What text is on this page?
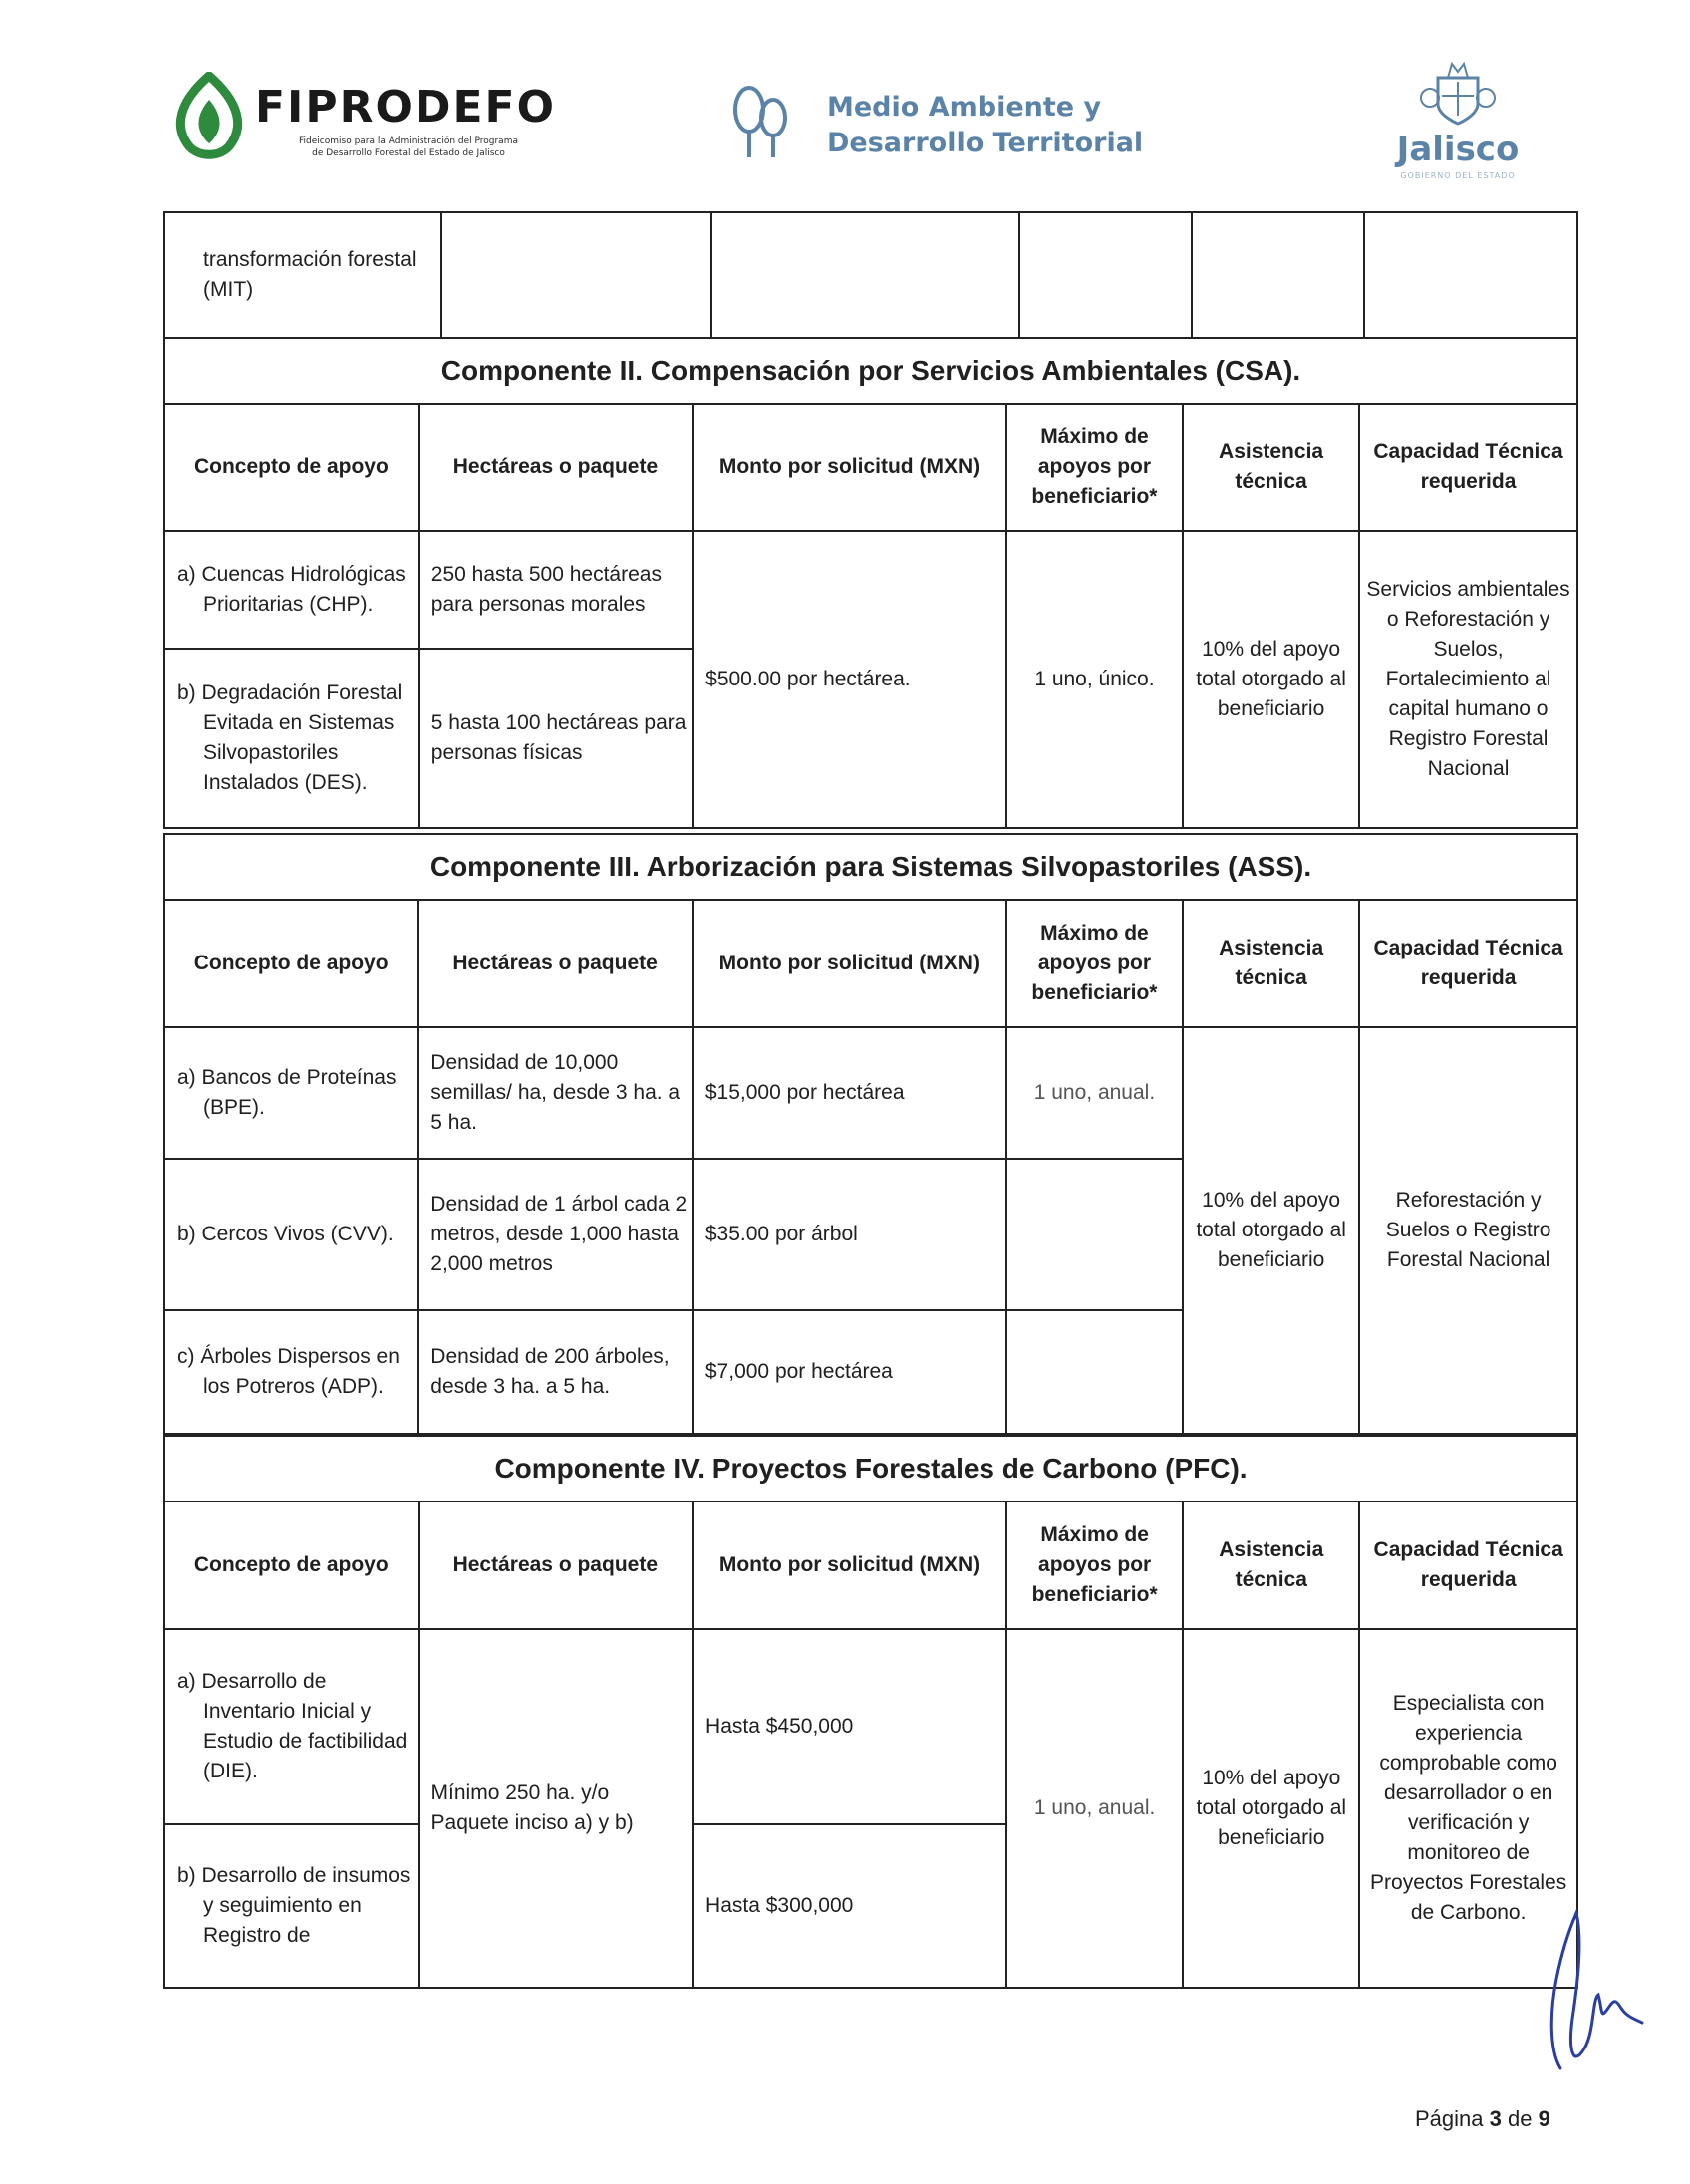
FIPRODEFO
Fideicomiso para la Administración del Programa
de Desarrollo Forestal del Estado de Jalisco
Medio Ambiente y
Desarrollo Territorial	Jalisco
GOBIERNO DEL ESTADO
transformación forestal (MIT)					
Componente II. Compensación por Servicios Ambientales (CSA).					
Concepto de apoyo	Hectáreas o paquete	Monto por solicitud (MXN)	Máximo de apoyos por beneficiario*	Asistencia técnica	Capacidad Técnica requerida

a) Cuencas Hidrológicas Prioritarias (CHP).	250 hasta 500 hectáreas para personas morales	$500.00 por hectárea.	1 uno, único.	10% del apoyo total otorgado al beneficiario	Servicios ambientales o Reforestación y Suelos, Fortalecimiento al capital humano o Registro Forestal Nacional

b) Degradación Forestal Evitada en Sistemas Silvopastoriles Instalados (DES).	5 hasta 100 hectáreas para personas físicas				
Componente III. Arborización para Sistemas Silvopastoriles (ASS).					
Concepto de apoyo	Hectáreas o paquete	Monto por solicitud (MXN)	Máximo de apoyos por beneficiario*	Asistencia técnica	Capacidad Técnica requerida

a) Bancos de Proteínas (BPE).	Densidad de 10,000 semillas/ ha, desde 3 ha. a 5 ha.	$15,000 por hectárea	1 uno, anual.	10% del apoyo total otorgado al beneficiario	Reforestación y Suelos o Registro Forestal Nacional

b) Cercos Vivos (CVV).	Densidad de 1 árbol cada 2 metros, desde 1,000 hasta 2,000 metros	$35.00 por árbol			

c) Árboles Dispersos en los Potreros (ADP).	Densidad de 200 árboles, desde 3 ha. a 5 ha.	$7,000 por hectárea			
Componente IV. Proyectos Forestales de Carbono (PFC).					
Concepto de apoyo	Hectáreas o paquete	Monto por solicitud (MXN)	Máximo de apoyos por beneficiario*	Asistencia técnica	Capacidad Técnica requerida

a) Desarrollo de Inventario Inicial y Estudio de factibilidad (DIE).	Mínimo 250 ha. y/o Paquete inciso a) y b)	Hasta $450,000	1 uno, anual.	10% del apoyo total otorgado al beneficiario	Especialista con experiencia comprobable como desarrollador o en verificación y monitoreo de Proyectos Forestales de Carbono.

b) Desarrollo de insumos y seguimiento en Registro de		Hasta $300,000			
Página 3 de 9
